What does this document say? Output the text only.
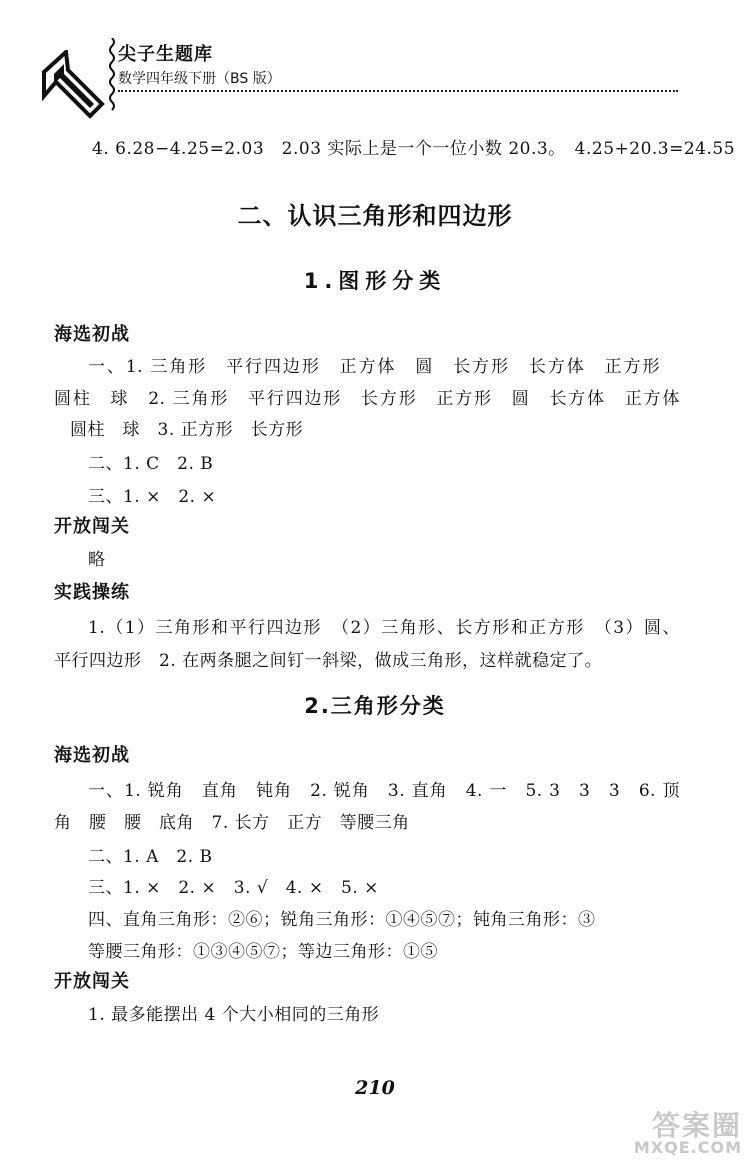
尖子生题库
数学四年级下册（BS 版）
4. 6.28−4.25=2.03　2.03 实际上是一个一位小数 20.3。　4.25+20.3=24.55
二、认识三角形和四边形
1.图形分类
海选初战
一、1. 三角形　平行四边形　正方体　圆　长方形　长方体　正方形
圆柱　球　2. 三角形　平行四边形　长方形　正方形　圆　长方体　正方体
圆柱　球　3. 正方形　长方形
二、1. C　2. B
三、1. ×　2. ×
开放闯关
略
实践操练
1.（1）三角形和平行四边形　（2）三角形、长方形和正方形　（3）圆、
平行四边形　2. 在两条腿之间钉一斜梁，做成三角形，这样就稳定了。
2.三角形分类
海选初战
一、1. 锐角　直角　钝角　2. 锐角　3. 直角　4. 一　5. 3　3　3　6. 顶
角　腰　腰　底角　7. 长方　正方　等腰三角
二、1. A　2. B
三、1. ×　2. ×　3. √　4. ×　5. ×
四、直角三角形：②⑥；锐角三角形：①④⑤⑦；钝角三角形：③
等腰三角形：①③④⑤⑦；等边三角形：①⑤
开放闯关
1. 最多能摆出 4 个大小相同的三角形
210
答案圈
MXQE.COM
